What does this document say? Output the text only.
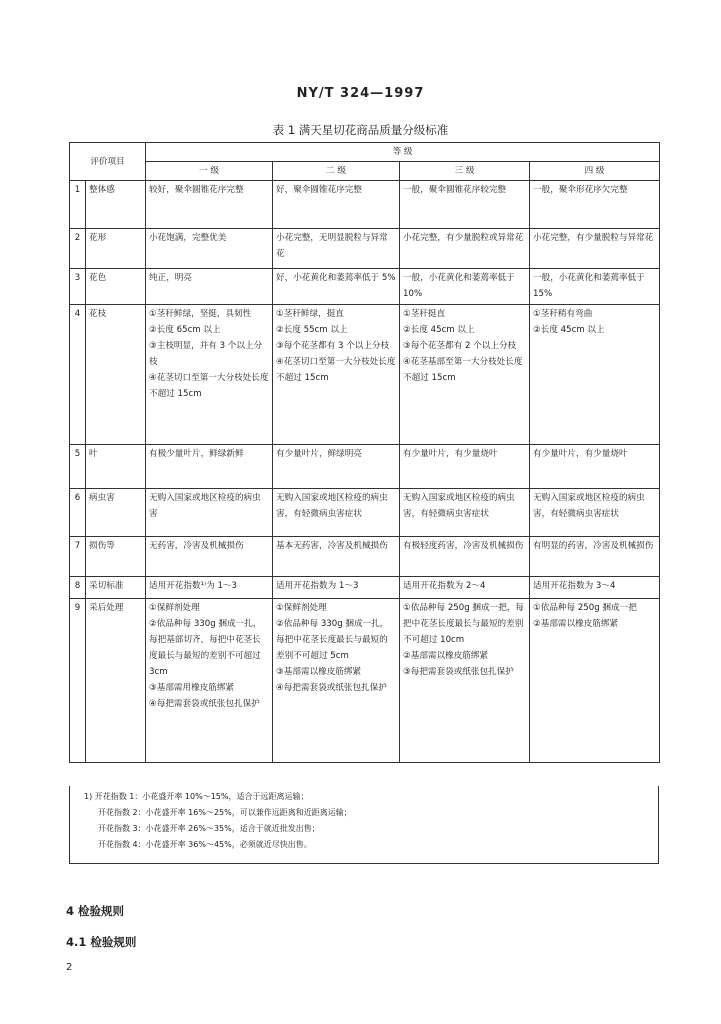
NY/T 324—1997
表 1 满天星切花商品质量分级标准
评价项目		等 级			
		一 级	二 级	三 级	四 级
1	整体感	较好，聚伞圆锥花序完整	好，聚伞圆锥花序完整	一般，聚伞圆锥花序较完整	一般，聚伞形花序欠完整
2	花形	小花饱满，完整优美	小花完整，无明显脱粒与异常花	小花完整，有少量脱粒或异常花	小花完整，有少量脱粒与异常花
3	花色	纯正，明亮	好，小花黄化和萎蔫率低于 5%	一般，小花黄化和萎蔫率低于 10%	一般，小花黄化和萎蔫率低于 15%
4	花枝	①茎秆鲜绿，坚挺，具韧性
②长度 65cm 以上
③主枝明显，并有 3 个以上分枝
④花茎切口至第一大分枝处长度不超过 15cm	①茎秆鲜绿，挺直
②长度 55cm 以上
③每个花茎都有 3 个以上分枝
④花茎切口至第一大分枝处长度不超过 15cm	①茎秆挺直
②长度 45cm 以上
③每个花茎都有 2 个以上分枝
④花茎基部至第一大分枝处长度不超过 15cm	①茎秆稍有弯曲
②长度 45cm 以上
5	叶	有极少量叶片，鲜绿新鲜	有少量叶片，鲜绿明亮	有少量叶片，有少量烧叶	有少量叶片，有少量烧叶
6	病虫害	无购入国家或地区检疫的病虫害	无购入国家或地区检疫的病虫害，有轻微病虫害症状	无购入国家或地区检疫的病虫害，有轻微病虫害症状	无购入国家或地区检疫的病虫害，有轻微病虫害症状
7	损伤等	无药害，冷害及机械损伤	基本无药害，冷害及机械损伤	有极轻度药害，冷害及机械损伤	有明显的药害，冷害及机械损伤
8	采切标准	适用开花指数¹⁾为 1～3	适用开花指数为 1～3	适用开花指数为 2～4	适用开花指数为 3～4
9	采后处理	①保鲜剂处理
②依品种每 330g 捆成一扎，每把基部切齐，每把中花茎长度最长与最短的差别不可超过 3cm
③基部需用橡皮筋绑紧
④每把需套袋或纸张包扎保护	①保鲜剂处理
②依品种每 330g 捆成一扎，每把中花茎长度最长与最短的差别不可超过 5cm
③基部需以橡皮筋绑紧
④每把需套袋或纸张包扎保护	①依品种每 250g 捆成一把，每把中花茎长度最长与最短的差别不可超过 10cm
②基部需以橡皮筋绑紧
③每把需套袋或纸张包扎保护	①依品种每 250g 捆成一把
②基部需以橡皮筋绑紧
1) 开花指数 1：小花盛开率 10%～15%，适合于远距离运输；
开花指数 2：小花盛开率 16%～25%，可以兼作远距离和近距离运输；
开花指数 3：小花盛开率 26%～35%，适合于就近批发出售；
开花指数 4：小花盛开率 36%～45%，必须就近尽快出售。
4 检验规则
4.1 检验规则
2
